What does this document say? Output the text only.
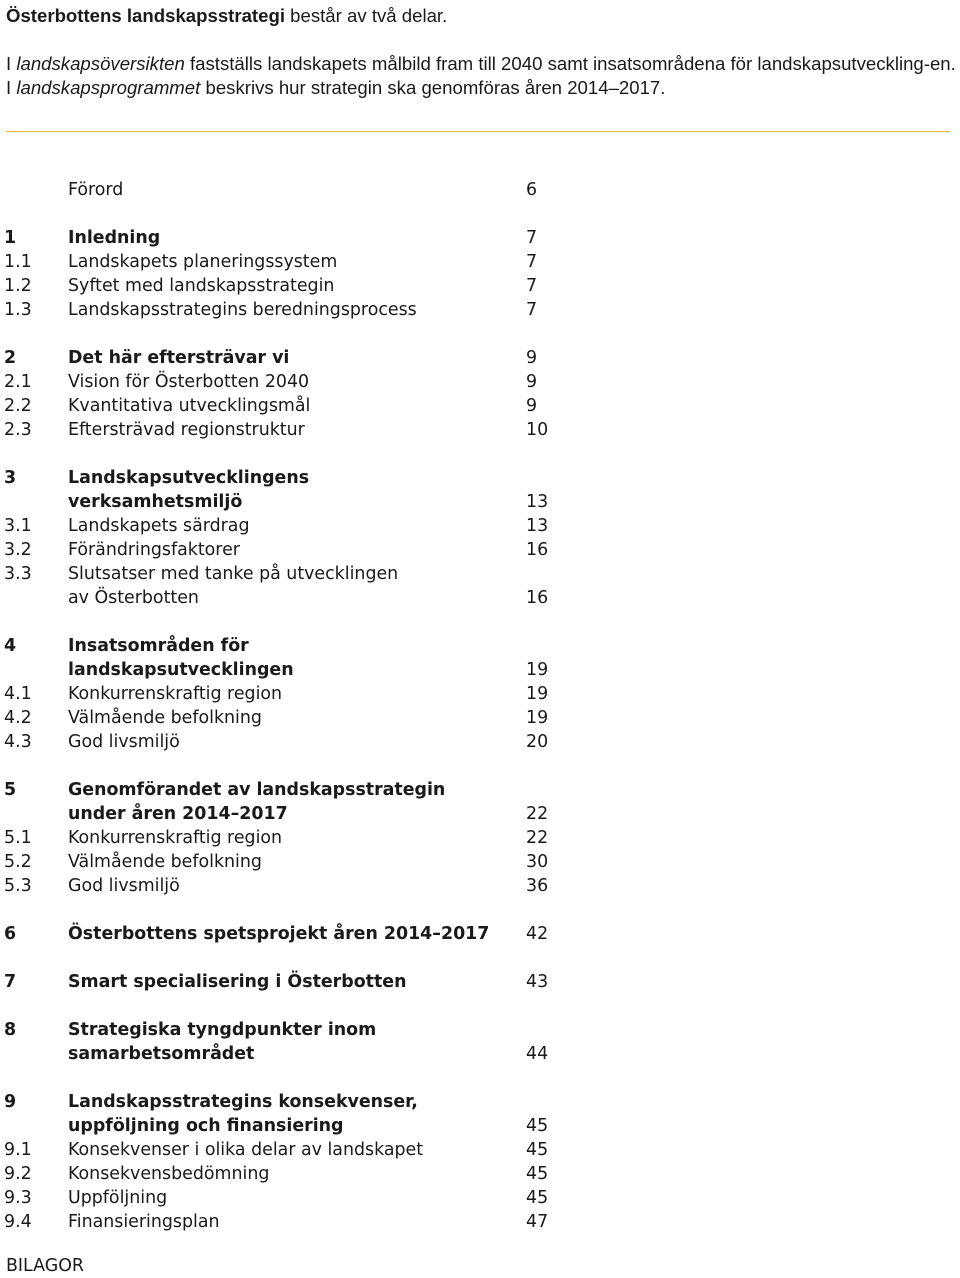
Österbottens landskapsstrategi består av två delar.

I landskapsöversikten fastställs landskapets målbild fram till 2040 samt insatsområdena för landskapsutveckling-en. I landskapsprogrammet beskrivs hur strategin ska genomföras åren 2014–2017.

Förord	6
1	Inledning	7
1.1 Landskapets planeringssystem	7
1.2 Syftet med landskapsstrategin	7
1.3 Landskapsstrategins beredningsprocess	7
2	Det här eftersträvar vi	9
2.1 Vision för Österbotten 2040	9
2.2 Kvantitativa utvecklingsmål	9
2.3 Eftersträvad regionstruktur	10
3	Landskapsutvecklingens
verksamhetsmiljö	13
3.1 Landskapets särdrag	13
3.2 Förändringsfaktorer	16
3.3 Slutsatser med tanke på utvecklingen
av Österbotten	16
4	Insatsområden för
landskapsutvecklingen	19
4.1 Konkurrenskraftig region	19
4.2 Välmående befolkning	19
4.3 God livsmiljö	20
5	Genomförandet av landskapsstrategin
under åren 2014–2017	22
5.1 Konkurrenskraftig region	22
5.2 Välmående befolkning	30
5.3 God livsmiljö	36
6	Österbottens spetsprojekt åren 2014–2017	42
7	Smart specialisering i Österbotten	43
8	Strategiska tyngdpunkter inom
samarbetsområdet	44
9	Landskapsstrategins konsekvenser,
uppföljning och finansiering	45
9.1 Konsekvenser i olika delar av landskapet	45
9.2 Konsekvensbedömning	45
9.3 Uppföljning	45
9.4 Finansieringsplan	47
BILAGOR
